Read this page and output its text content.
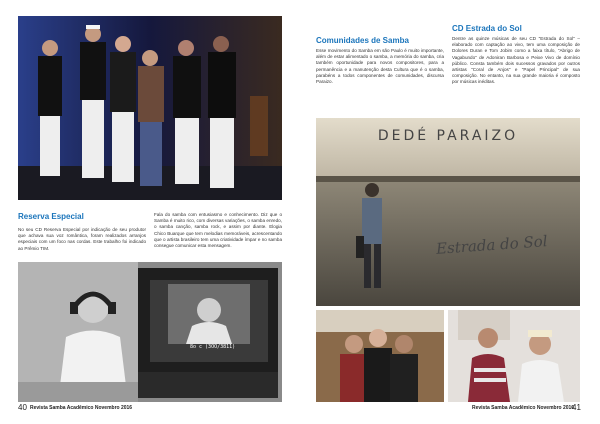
Reserva Especial

No seu CD Reserva Especial por indicação de seu produtor que achava sua voz romântica, foram realizados arranjos especiais com um foco nas cordas. Este trabalho foi indicado ao Prêmio TIM.

Fala do samba com entusiasmo e conhecimento. Diz que o Samba é muito rico, com diversas variações, o samba enredo, o samba canção, samba rock, e assim por diante. Elogia Chico Buarque que tem melodias memoráveis, acrescentando que o artista brasileiro tem uma criatividade ímpar e no samba consegue comunicar esta mensagem.

8o c (3OO/3811)
40 Revista Samba Acadêmico Novembro 2016
Comunidades de Samba

Esse movimento do Samba em são Paulo é muito importante, além de estar alimentado o samba, a memória do samba, cria também oportunidade para novos compositores, para a permanência e a manutenção desta Cultura que é o samba, parabéns a todos componentes de comunidades, discursa Paraizo.

CD Estrada do Sol

Dentre as quinze músicas de seu CD "Estrada do Sol" – elaborado com captação ao vivo, tem uma composição de Dolores Duran e Tom Jobim como a faixa título, "Abrigo de Vagabundo" de Adoniran Barbosa e Peixe Vivo de domínio público. Consta também dois sucessos gravados por outros artistas "Coral de Anjos" e "Papel Principal" de sua composição. No entanto, na sua grande maioria é composto por músicas inéditas.

DEDÉ PARAIZO
Estrada do Sol
Revista Samba Acadêmico Novembro 2016
41
